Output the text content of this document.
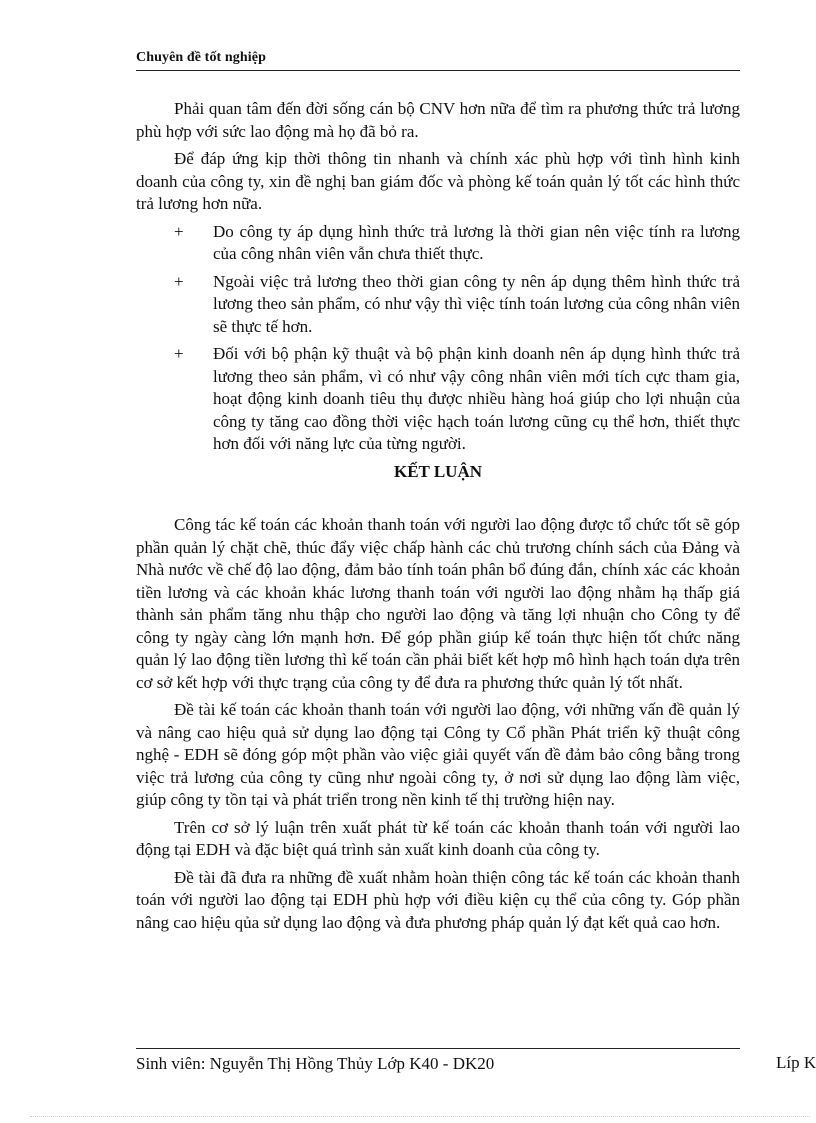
Chuyên đề tốt nghiệp

Phải quan tâm đến đời sống cán bộ CNV hơn nữa để tìm ra phương thức trả lương phù hợp với sức lao động mà họ đã bỏ ra.

Để đáp ứng kịp thời thông tin nhanh và chính xác phù hợp với tình hình kinh doanh của công ty, xin đề nghị ban giám đốc và phòng kế toán quản lý tốt các hình thức trả lương hơn nữa.

+ Do công ty áp dụng hình thức trả lương là thời gian nên việc tính ra lương của công nhân viên vẫn chưa thiết thực.
+ Ngoài việc trả lương theo thời gian công ty nên áp dụng thêm hình thức trả lương theo sản phẩm, có như vậy thì việc tính toán lương của công nhân viên sẽ thực tế hơn.
+ Đối với bộ phận kỹ thuật và bộ phận kinh doanh nên áp dụng hình thức trả lương theo sản phẩm, vì có như vậy công nhân viên mới tích cực tham gia, hoạt động kinh doanh tiêu thụ được nhiều hàng hoá giúp cho lợi nhuận của công ty tăng cao đồng thời việc hạch toán lương cũng cụ thể hơn, thiết thực hơn đối với năng lực của từng người.
KẾT LUẬN

Công tác kế toán các khoản thanh toán với người lao động được tổ chức tốt sẽ góp phần quản lý chặt chẽ, thúc đẩy việc chấp hành các chủ trương chính sách của Đảng và Nhà nước về chế độ lao động, đảm bảo tính toán phân bổ đúng đắn, chính xác các khoản tiền lương và các khoản khác lương thanh toán với người lao động nhằm hạ thấp giá thành sản phẩm tăng nhu thập cho người lao động và tăng lợi nhuận cho Công ty để công ty ngày càng lớn mạnh hơn. Để góp phần giúp kế toán thực hiện tốt chức năng quản lý lao động tiền lương thì kế toán cần phải biết kết hợp mô hình hạch toán dựa trên cơ sở kết hợp với thực trạng của công ty để đưa ra phương thức quản lý tốt nhất.

Đề tài kế toán các khoản thanh toán với người lao động, với những vấn đề quản lý và nâng cao hiệu quả sử dụng lao động tại Công ty Cổ phần Phát triển kỹ thuật công nghệ - EDH sẽ đóng góp một phần vào việc giải quyết vấn đề đảm bảo công bằng trong việc trả lương của công ty cũng như ngoài công ty, ở nơi sử dụng lao động làm việc, giúp công ty tồn tại và phát triển trong nền kinh tế thị trường hiện nay.

Trên cơ sở lý luận trên xuất phát từ kế toán các khoản thanh toán với người lao động tại EDH và đặc biệt quá trình sản xuất kinh doanh của công ty.

Đề tài đã đưa ra những đề xuất nhằm hoàn thiện công tác kế toán các khoản thanh toán với người lao động tại EDH phù hợp với điều kiện cụ thể của công ty. Góp phần nâng cao hiệu qủa sử dụng lao động và đưa phương pháp quản lý đạt kết quả cao hơn.

Sinh viên: Nguyễn Thị Hồng Thủy Lớp K40 - DK20	Líp K
